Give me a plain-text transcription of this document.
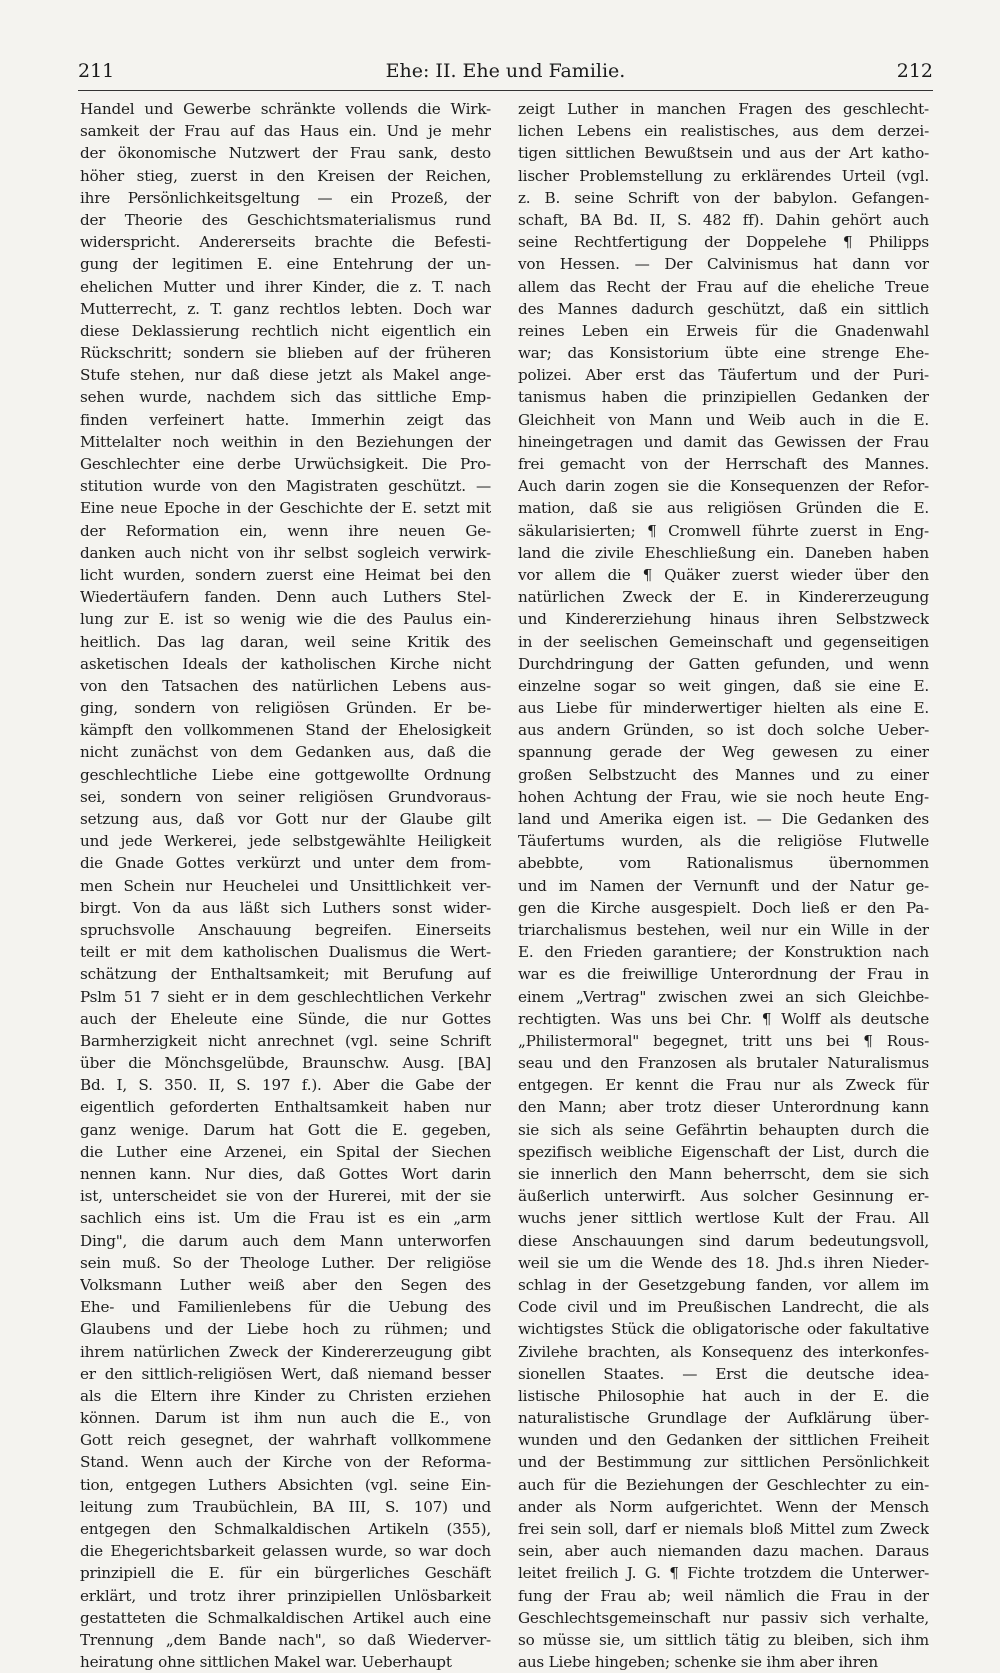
211	Ehe: II. Ehe und Familie.	212
Handel und Gewerbe schränkte vollends die Wirk-
samkeit der Frau auf das Haus ein. Und je mehr
der ökonomische Nutzwert der Frau sank, desto
höher stieg, zuerst in den Kreisen der Reichen,
ihre Persönlichkeitsgeltung — ein Prozeß, der
der Theorie des Geschichtsmaterialismus rund
widerspricht. Andererseits brachte die Befesti-
gung der legitimen E. eine Entehrung der un-
ehelichen Mutter und ihrer Kinder, die z. T. nach
Mutterrecht, z. T. ganz rechtlos lebten. Doch war
diese Deklassierung rechtlich nicht eigentlich ein
Rückschritt; sondern sie blieben auf der früheren
Stufe stehen, nur daß diese jetzt als Makel ange-
sehen wurde, nachdem sich das sittliche Emp-
finden verfeinert hatte. Immerhin zeigt das
Mittelalter noch weithin in den Beziehungen der
Geschlechter eine derbe Urwüchsigkeit. Die Pro-
stitution wurde von den Magistraten geschützt. —
Eine neue Epoche in der Geschichte der E. setzt mit
der Reformation ein, wenn ihre neuen Ge-
danken auch nicht von ihr selbst sogleich verwirk-
licht wurden, sondern zuerst eine Heimat bei den
Wiedertäufern fanden. Denn auch Luthers Stel-
lung zur E. ist so wenig wie die des Paulus ein-
heitlich. Das lag daran, weil seine Kritik des
asketischen Ideals der katholischen Kirche nicht
von den Tatsachen des natürlichen Lebens aus-
ging, sondern von religiösen Gründen. Er be-
kämpft den vollkommenen Stand der Ehelosigkeit
nicht zunächst von dem Gedanken aus, daß die
geschlechtliche Liebe eine gottgewollte Ordnung
sei, sondern von seiner religiösen Grundvoraus-
setzung aus, daß vor Gott nur der Glaube gilt
und jede Werkerei, jede selbstgewählte Heiligkeit
die Gnade Gottes verkürzt und unter dem from-
men Schein nur Heuchelei und Unsittlichkeit ver-
birgt. Von da aus läßt sich Luthers sonst wider-
spruchsvolle Anschauung begreifen. Einerseits
teilt er mit dem katholischen Dualismus die Wert-
schätzung der Enthaltsamkeit; mit Berufung auf
Pslm 51 7 sieht er in dem geschlechtlichen Verkehr
auch der Eheleute eine Sünde, die nur Gottes
Barmherzigkeit nicht anrechnet (vgl. seine Schrift
über die Mönchsgelübde, Braunschw. Ausg. [BA]
Bd. I, S. 350. II, S. 197 f.). Aber die Gabe der
eigentlich geforderten Enthaltsamkeit haben nur
ganz wenige. Darum hat Gott die E. gegeben,
die Luther eine Arzenei, ein Spital der Siechen
nennen kann. Nur dies, daß Gottes Wort darin
ist, unterscheidet sie von der Hurerei, mit der sie
sachlich eins ist. Um die Frau ist es ein „arm
Ding", die darum auch dem Mann unterworfen
sein muß. So der Theologe Luther. Der religiöse
Volksmann Luther weiß aber den Segen des
Ehe- und Familienlebens für die Uebung des
Glaubens und der Liebe hoch zu rühmen; und
ihrem natürlichen Zweck der Kindererzeugung gibt
er den sittlich-religiösen Wert, daß niemand besser
als die Eltern ihre Kinder zu Christen erziehen
können. Darum ist ihm nun auch die E., von
Gott reich gesegnet, der wahrhaft vollkommene
Stand. Wenn auch der Kirche von der Reforma-
tion, entgegen Luthers Absichten (vgl. seine Ein-
leitung zum Traubüchlein, BA III, S. 107) und
entgegen den Schmalkaldischen Artikeln (355),
die Ehegerichtsbarkeit gelassen wurde, so war doch
prinzipiell die E. für ein bürgerliches Geschäft
erklärt, und trotz ihrer prinzipiellen Unlösbarkeit
gestatteten die Schmalkaldischen Artikel auch eine
Trennung „dem Bande nach", so daß Wiederver-
heiratung ohne sittlichen Makel war. Ueberhaupt
zeigt Luther in manchen Fragen des geschlecht-
lichen Lebens ein realistisches, aus dem derzei-
tigen sittlichen Bewußtsein und aus der Art katho-
lischer Problemstellung zu erklärendes Urteil (vgl.
z. B. seine Schrift von der babylon. Gefangen-
schaft, BA Bd. II, S. 482 ff). Dahin gehört auch
seine Rechtfertigung der Doppelehe ¶ Philipps
von Hessen. — Der Calvinismus hat dann vor
allem das Recht der Frau auf die eheliche Treue
des Mannes dadurch geschützt, daß ein sittlich
reines Leben ein Erweis für die Gnadenwahl
war; das Konsistorium übte eine strenge Ehe-
polizei. Aber erst das Täufertum und der Puri-
tanismus haben die prinzipiellen Gedanken der
Gleichheit von Mann und Weib auch in die E.
hineingetragen und damit das Gewissen der Frau
frei gemacht von der Herrschaft des Mannes.
Auch darin zogen sie die Konsequenzen der Refor-
mation, daß sie aus religiösen Gründen die E.
säkularisierten; ¶ Cromwell führte zuerst in Eng-
land die zivile Eheschließung ein. Daneben haben
vor allem die ¶ Quäker zuerst wieder über den
natürlichen Zweck der E. in Kindererzeugung
und Kindererziehung hinaus ihren Selbstzweck
in der seelischen Gemeinschaft und gegenseitigen
Durchdringung der Gatten gefunden, und wenn
einzelne sogar so weit gingen, daß sie eine E.
aus Liebe für minderwertiger hielten als eine E.
aus andern Gründen, so ist doch solche Ueber-
spannung gerade der Weg gewesen zu einer
großen Selbstzucht des Mannes und zu einer
hohen Achtung der Frau, wie sie noch heute Eng-
land und Amerika eigen ist. — Die Gedanken des
Täufertums wurden, als die religiöse Flutwelle
abebbte, vom Rationalismus übernommen
und im Namen der Vernunft und der Natur ge-
gen die Kirche ausgespielt. Doch ließ er den Pa-
triarchalismus bestehen, weil nur ein Wille in der
E. den Frieden garantiere; der Konstruktion nach
war es die freiwillige Unterordnung der Frau in
einem „Vertrag" zwischen zwei an sich Gleichbe-
rechtigten. Was uns bei Chr. ¶ Wolff als deutsche
„Philistermoral" begegnet, tritt uns bei ¶ Rous-
seau und den Franzosen als brutaler Naturalismus
entgegen. Er kennt die Frau nur als Zweck für
den Mann; aber trotz dieser Unterordnung kann
sie sich als seine Gefährtin behaupten durch die
spezifisch weibliche Eigenschaft der List, durch die
sie innerlich den Mann beherrscht, dem sie sich
äußerlich unterwirft. Aus solcher Gesinnung er-
wuchs jener sittlich wertlose Kult der Frau. All
diese Anschauungen sind darum bedeutungsvoll,
weil sie um die Wende des 18. Jhd.s ihren Nieder-
schlag in der Gesetzgebung fanden, vor allem im
Code civil und im Preußischen Landrecht, die als
wichtigstes Stück die obligatorische oder fakultative
Zivilehe brachten, als Konsequenz des interkonfes-
sionellen Staates. — Erst die deutsche idea-
listische Philosophie hat auch in der E. die
naturalistische Grundlage der Aufklärung über-
wunden und den Gedanken der sittlichen Freiheit
und der Bestimmung zur sittlichen Persönlichkeit
auch für die Beziehungen der Geschlechter zu ein-
ander als Norm aufgerichtet. Wenn der Mensch
frei sein soll, darf er niemals bloß Mittel zum Zweck
sein, aber auch niemanden dazu machen. Daraus
leitet freilich J. G. ¶ Fichte trotzdem die Unterwer-
fung der Frau ab; weil nämlich die Frau in der
Geschlechtsgemeinschaft nur passiv sich verhalte,
so müsse sie, um sittlich tätig zu bleiben, sich ihm
aus Liebe hingeben; schenke sie ihm aber ihren
